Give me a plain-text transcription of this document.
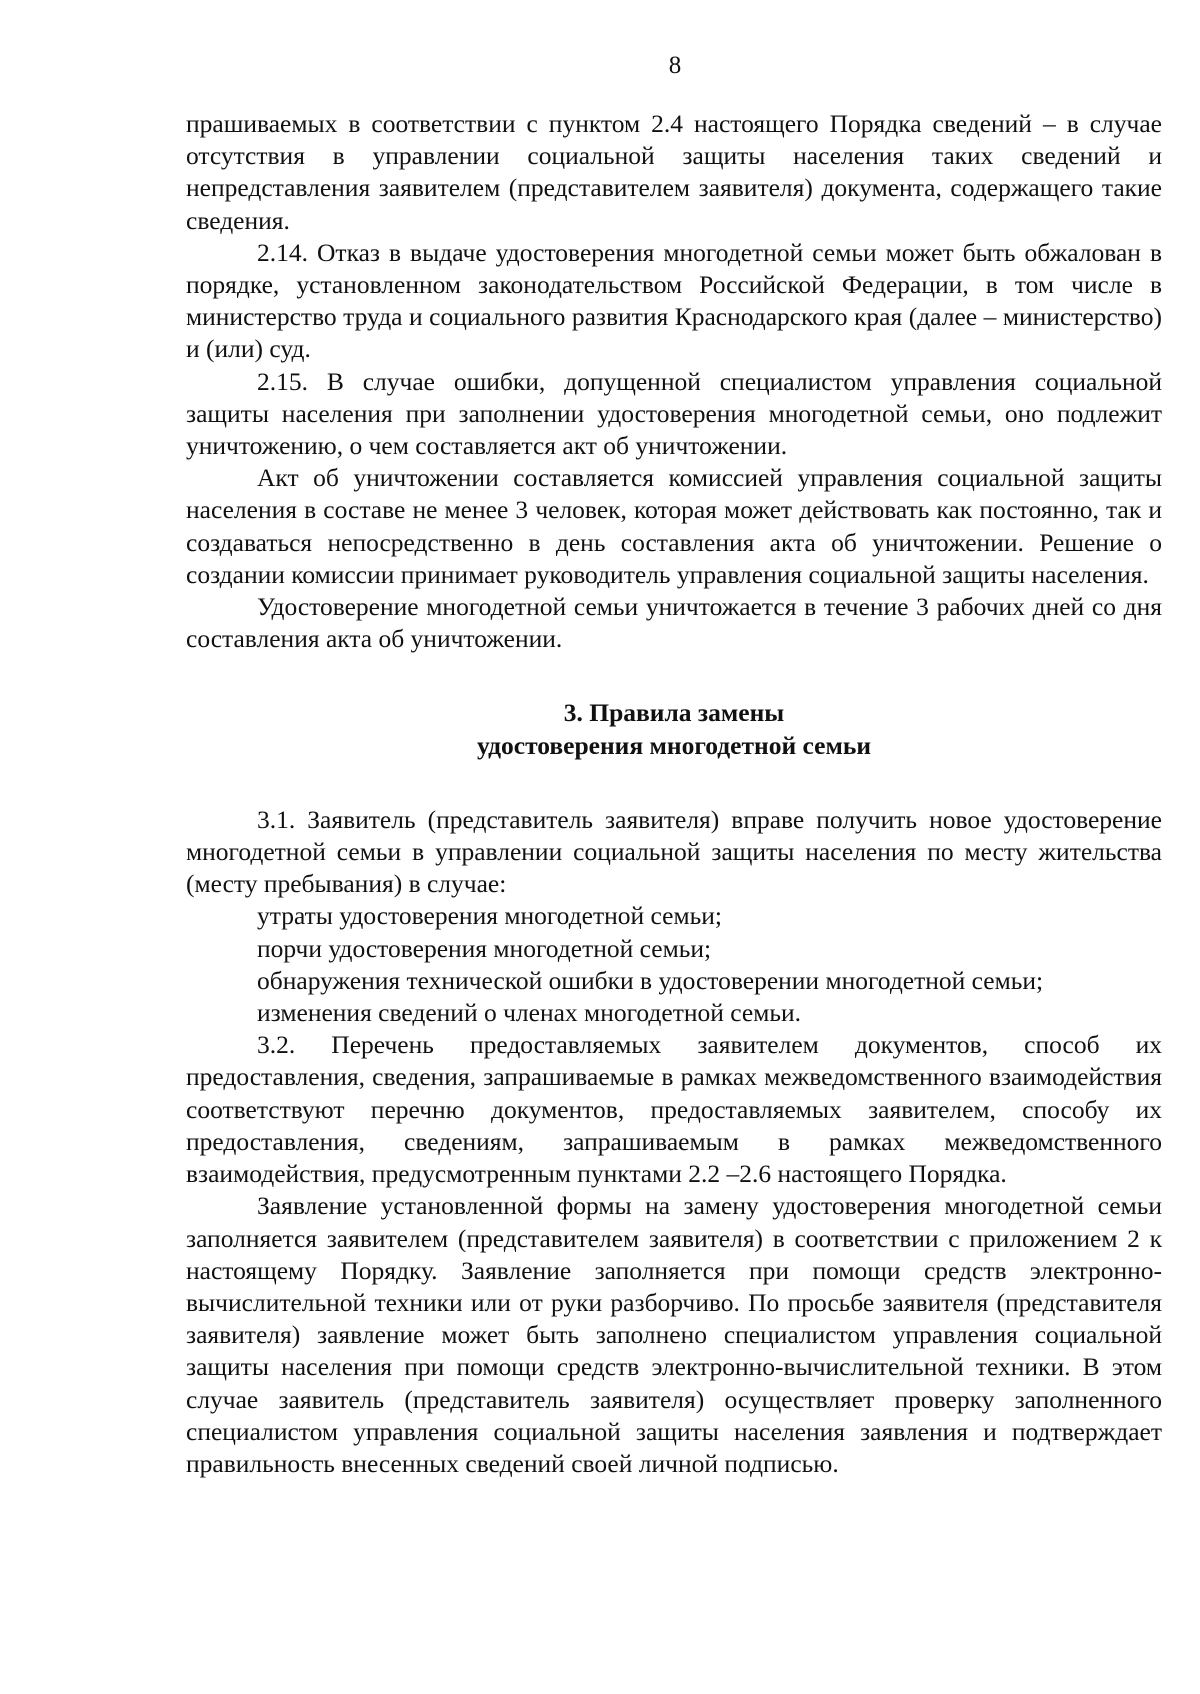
8

прашиваемых в соответствии с пунктом 2.4 настоящего Порядка сведений – в случае отсутствия в управлении социальной защиты населения таких сведений и непредставления заявителем (представителем заявителя) документа, содержащего такие сведения.

2.14. Отказ в выдаче удостоверения многодетной семьи может быть обжалован в порядке, установленном законодательством Российской Федерации, в том числе в министерство труда и социального развития Краснодарского края (далее – министерство) и (или) суд.

2.15. В случае ошибки, допущенной специалистом управления социальной защиты населения при заполнении удостоверения многодетной семьи, оно подлежит уничтожению, о чем составляется акт об уничтожении.

Акт об уничтожении составляется комиссией управления социальной защиты населения в составе не менее 3 человек, которая может действовать как постоянно, так и создаваться непосредственно в день составления акта об уничтожении. Решение о создании комиссии принимает руководитель управления социальной защиты населения.

Удостоверение многодетной семьи уничтожается в течение 3 рабочих дней со дня составления акта об уничтожении.

3. Правила замены
удостоверения многодетной семьи

3.1. Заявитель (представитель заявителя) вправе получить новое удостоверение многодетной семьи в управлении социальной защиты населения по месту жительства (месту пребывания) в случае:

утраты удостоверения многодетной семьи;

порчи удостоверения многодетной семьи;

обнаружения технической ошибки в удостоверении многодетной семьи;

изменения сведений о членах многодетной семьи.

3.2. Перечень предоставляемых заявителем документов, способ их предоставления, сведения, запрашиваемые в рамках межведомственного взаимодействия соответствуют перечню документов, предоставляемых заявителем, способу их предоставления, сведениям, запрашиваемым в рамках межведомственного взаимодействия, предусмотренным пунктами 2.2 –2.6 настоящего Порядка.

Заявление установленной формы на замену удостоверения многодетной семьи заполняется заявителем (представителем заявителя) в соответствии с приложением 2 к настоящему Порядку. Заявление заполняется при помощи средств электронно-вычислительной техники или от руки разборчиво. По просьбе заявителя (представителя заявителя) заявление может быть заполнено специалистом управления социальной защиты населения при помощи средств электронно-вычислительной техники. В этом случае заявитель (представитель заявителя) осуществляет проверку заполненного специалистом управления социальной защиты населения заявления и подтверждает правильность внесенных сведений своей личной подписью.
